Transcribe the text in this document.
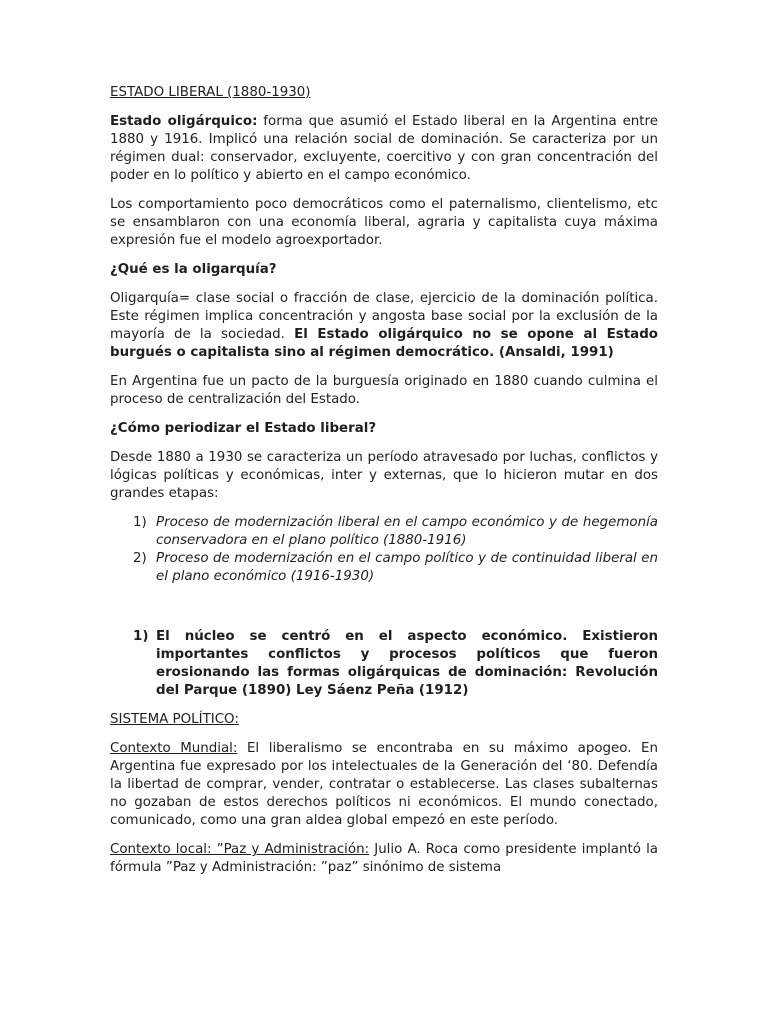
ESTADO LIBERAL (1880-1930)

Estado oligárquico: forma que asumió el Estado liberal en la Argentina entre 1880 y 1916. Implicó una relación social de dominación. Se caracteriza por un régimen dual: conservador, excluyente, coercitivo y con gran concentración del poder en lo político y abierto en el campo económico.

Los comportamiento poco democráticos como el paternalismo, clientelismo, etc se ensamblaron con una economía liberal, agraria y capitalista cuya máxima expresión fue el modelo agroexportador.

¿Qué es la oligarquía?

Oligarquía= clase social o fracción de clase, ejercicio de la dominación política. Este régimen implica concentración y angosta base social por la exclusión de la mayoría de la sociedad. El Estado oligárquico no se opone al Estado burgués o capitalista sino al régimen democrático. (Ansaldi, 1991)

En Argentina fue un pacto de la burguesía originado en 1880 cuando culmina el proceso de centralización del Estado.

¿Cómo periodizar el Estado liberal?

Desde 1880 a 1930 se caracteriza un período atravesado por luchas, conflictos y lógicas políticas y económicas, inter y externas, que lo hicieron mutar en dos grandes etapas:

1) Proceso de modernización liberal en el campo económico y de hegemonía conservadora en el plano político (1880-1916)
2) Proceso de modernización en el campo político y de continuidad liberal en el plano económico (1916-1930)
1) El núcleo se centró en el aspecto económico. Existieron importantes conflictos y procesos políticos que fueron erosionando las formas oligárquicas de dominación: Revolución del Parque (1890) Ley Sáenz Peña (1912)
SISTEMA POLÍTICO:

Contexto Mundial: El liberalismo se encontraba en su máximo apogeo. En Argentina fue expresado por los intelectuales de la Generación del ‘80. Defendía la libertad de comprar, vender, contratar o establecerse. Las clases subalternas no gozaban de estos derechos políticos ni económicos. El mundo conectado, comunicado, como una gran aldea global empezó en este período.

Contexto local: ”Paz y Administración: Julio A. Roca como presidente implantó la fórmula ”Paz y Administración: ”paz” sinónimo de sistema
